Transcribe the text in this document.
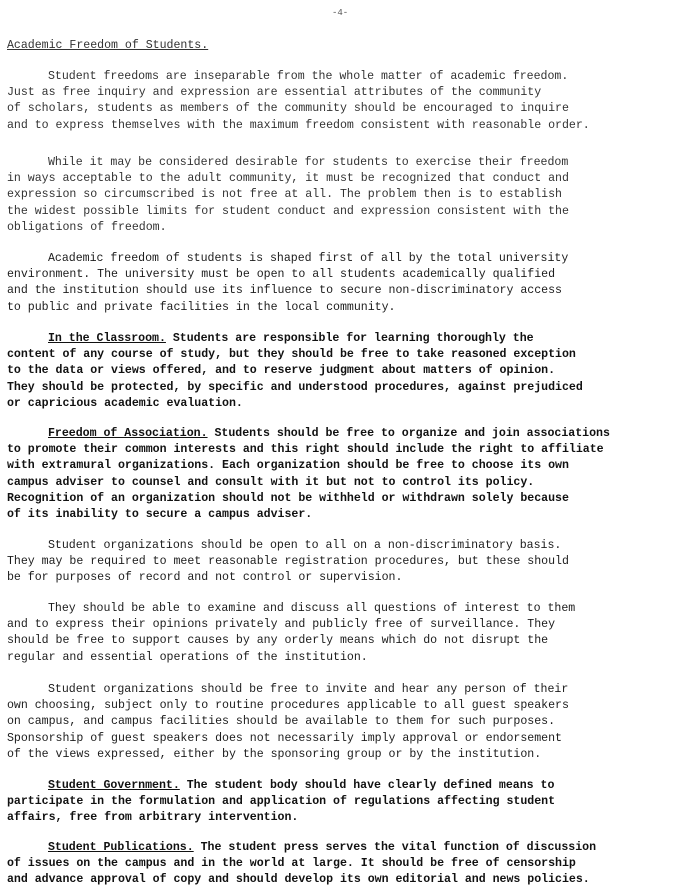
-4-
Academic Freedom of Students.

Student freedoms are inseparable from the whole matter of academic freedom.
Just as free inquiry and expression are essential attributes of the community
of scholars, students as members of the community should be encouraged to inquire
and to express themselves with the maximum freedom consistent with reasonable order.

While it may be considered desirable for students to exercise their freedom
in ways acceptable to the adult community, it must be recognized that conduct and
expression so circumscribed is not free at all. The problem then is to establish
the widest possible limits for student conduct and expression consistent with the
obligations of freedom.

Academic freedom of students is shaped first of all by the total university
environment. The university must be open to all students academically qualified
and the institution should use its influence to secure non-discriminatory access
to public and private facilities in the local community.

In the Classroom. Students are responsible for learning thoroughly the
content of any course of study, but they should be free to take reasoned exception
to the data or views offered, and to reserve judgment about matters of opinion.
They should be protected, by specific and understood procedures, against prejudiced
or capricious academic evaluation.

Freedom of Association. Students should be free to organize and join associations
to promote their common interests and this right should include the right to affiliate
with extramural organizations. Each organization should be free to choose its own
campus adviser to counsel and consult with it but not to control its policy.
Recognition of an organization should not be withheld or withdrawn solely because
of its inability to secure a campus adviser.

Student organizations should be open to all on a non-discriminatory basis.
They may be required to meet reasonable registration procedures, but these should
be for purposes of record and not control or supervision.

They should be able to examine and discuss all questions of interest to them
and to express their opinions privately and publicly free of surveillance. They
should be free to support causes by any orderly means which do not disrupt the
regular and essential operations of the institution.

Student organizations should be free to invite and hear any person of their
own choosing, subject only to routine procedures applicable to all guest speakers
on campus, and campus facilities should be available to them for such purposes.
Sponsorship of guest speakers does not necessarily imply approval or endorsement
of the views expressed, either by the sponsoring group or by the institution.

Student Government. The student body should have clearly defined means to
participate in the formulation and application of regulations affecting student
affairs, free from arbitrary intervention.

Student Publications. The student press serves the vital function of discussion
of issues on the campus and in the world at large. It should be free of censorship
and advance approval of copy and should develop its own editorial and news policies.
